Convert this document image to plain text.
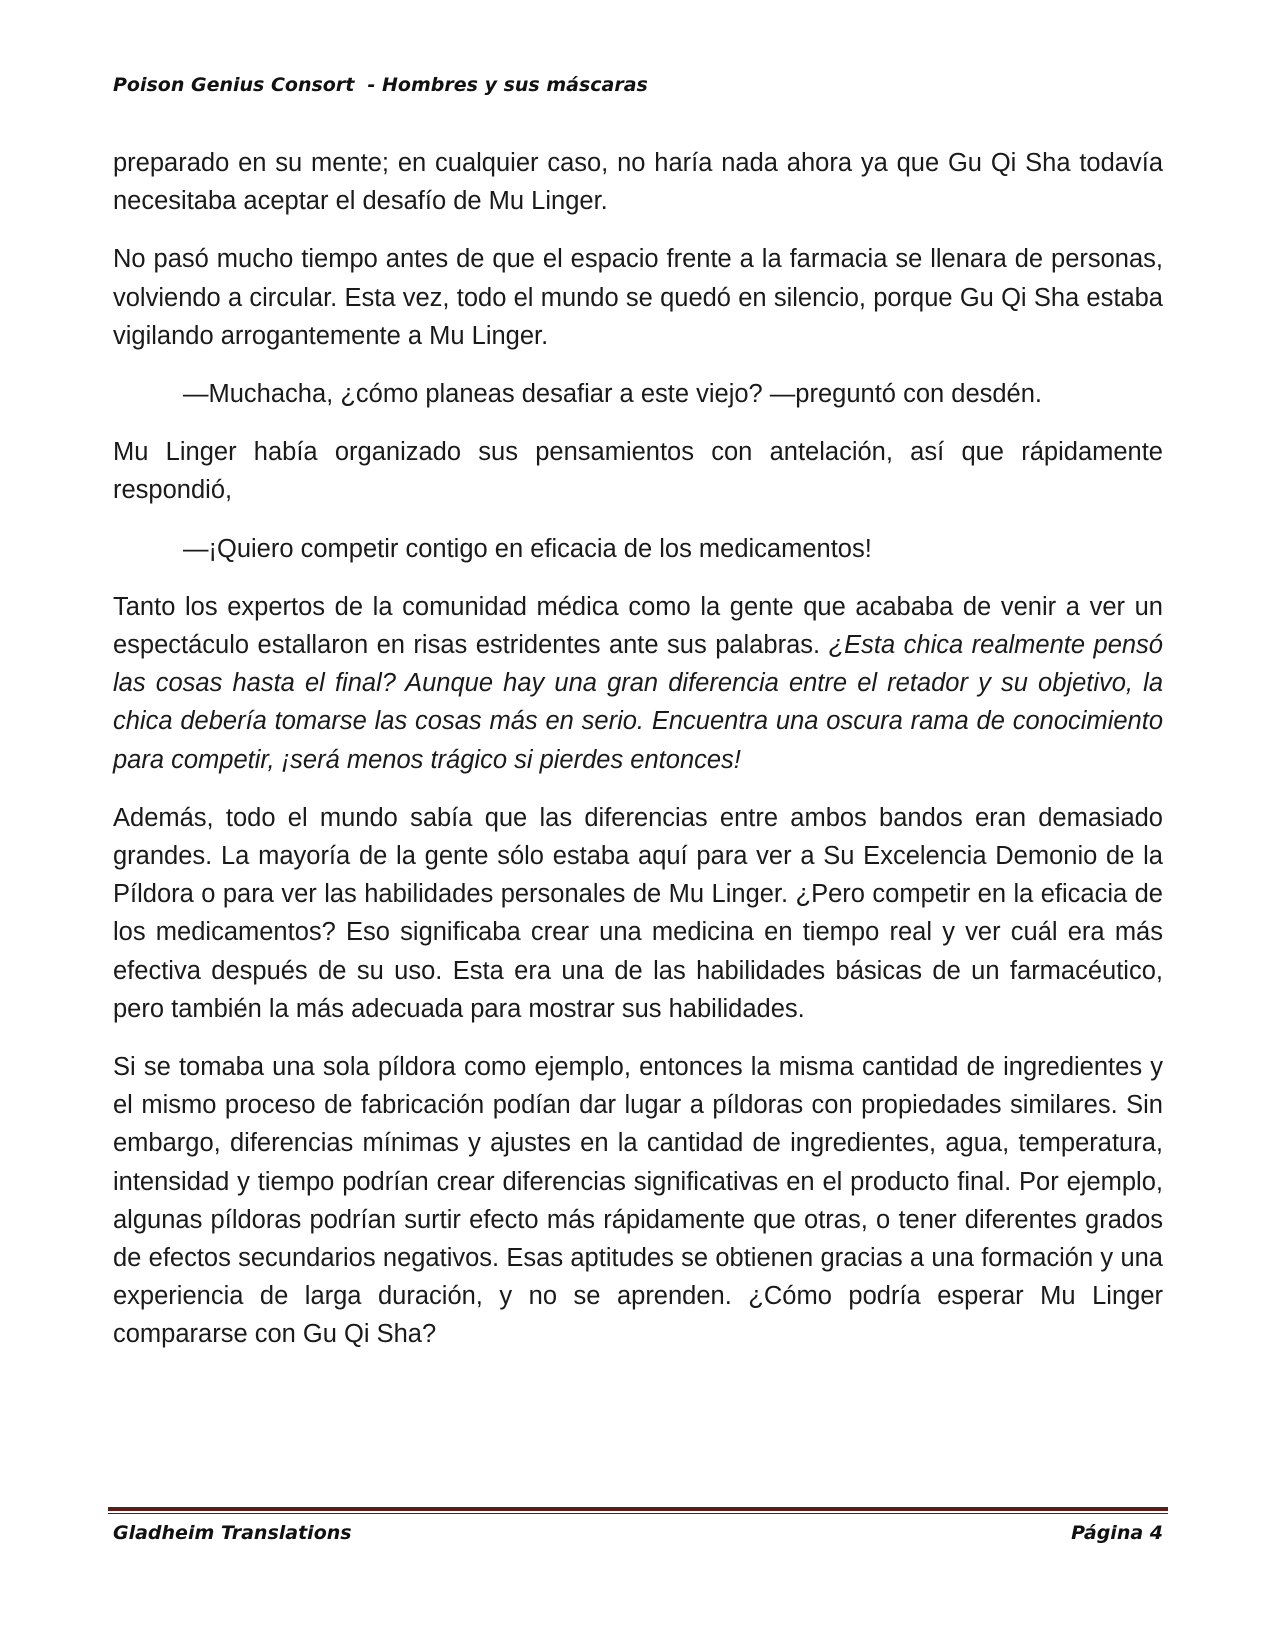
Poison Genius Consort  - Hombres y sus máscaras

preparado en su mente; en cualquier caso, no haría nada ahora ya que Gu Qi Sha todavía necesitaba aceptar el desafío de Mu Linger.

No pasó mucho tiempo antes de que el espacio frente a la farmacia se llenara de personas, volviendo a circular. Esta vez, todo el mundo se quedó en silencio, porque Gu Qi Sha estaba vigilando arrogantemente a Mu Linger.

—Muchacha, ¿cómo planeas desafiar a este viejo? —preguntó con desdén.

Mu Linger había organizado sus pensamientos con antelación, así que rápidamente respondió,

—¡Quiero competir contigo en eficacia de los medicamentos!

Tanto los expertos de la comunidad médica como la gente que acababa de venir a ver un espectáculo estallaron en risas estridentes ante sus palabras. ¿Esta chica realmente pensó las cosas hasta el final? Aunque hay una gran diferencia entre el retador y su objetivo, la chica debería tomarse las cosas más en serio. Encuentra una oscura rama de conocimiento para competir, ¡será menos trágico si pierdes entonces!

Además, todo el mundo sabía que las diferencias entre ambos bandos eran demasiado grandes. La mayoría de la gente sólo estaba aquí para ver a Su Excelencia Demonio de la Píldora o para ver las habilidades personales de Mu Linger. ¿Pero competir en la eficacia de los medicamentos? Eso significaba crear una medicina en tiempo real y ver cuál era más efectiva después de su uso. Esta era una de las habilidades básicas de un farmacéutico, pero también la más adecuada para mostrar sus habilidades.

Si se tomaba una sola píldora como ejemplo, entonces la misma cantidad de ingredientes y el mismo proceso de fabricación podían dar lugar a píldoras con propiedades similares. Sin embargo, diferencias mínimas y ajustes en la cantidad de ingredientes, agua, temperatura, intensidad y tiempo podrían crear diferencias significativas en el producto final. Por ejemplo, algunas píldoras podrían surtir efecto más rápidamente que otras, o tener diferentes grados de efectos secundarios negativos. Esas aptitudes se obtienen gracias a una formación y una experiencia de larga duración, y no se aprenden. ¿Cómo podría esperar Mu Linger compararse con Gu Qi Sha?

Gladheim Translations	Página 4
